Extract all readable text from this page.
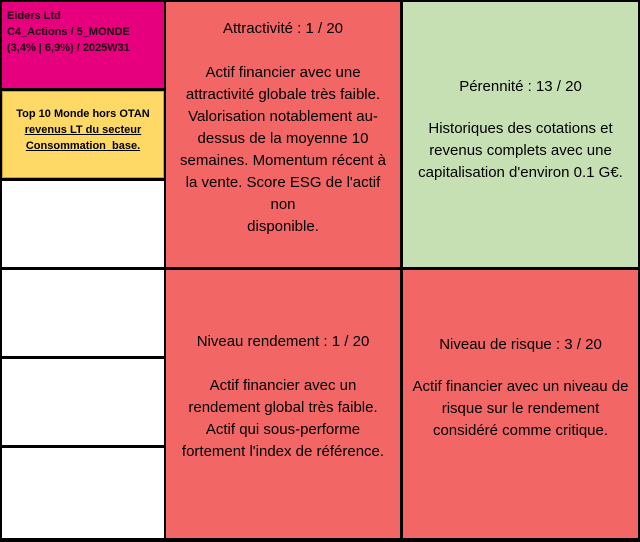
Eiders Ltd
C4_Actions / 5_MONDE
(3,4% | 6,9%) / 2025W31
Top 10 Monde hors OTAN
revenus LT du secteur
Consommation_base.
Attractivité : 1 / 20
Actif financier avec une
attractivité globale très faible.
Valorisation notablement au-
dessus de la moyenne 10
semaines. Momentum récent à
la vente. Score ESG de l'actif non
disponible.
Pérennité : 13 / 20
Historiques des cotations et
revenus complets avec une
capitalisation d'environ 0.1 G€.
Niveau rendement : 1 / 20
Actif financier avec un
rendement global très faible.
Actif qui sous-performe
fortement l'index de référence.
Niveau de risque : 3 / 20
Actif financier avec un niveau de
risque sur le rendement
considéré comme critique.
